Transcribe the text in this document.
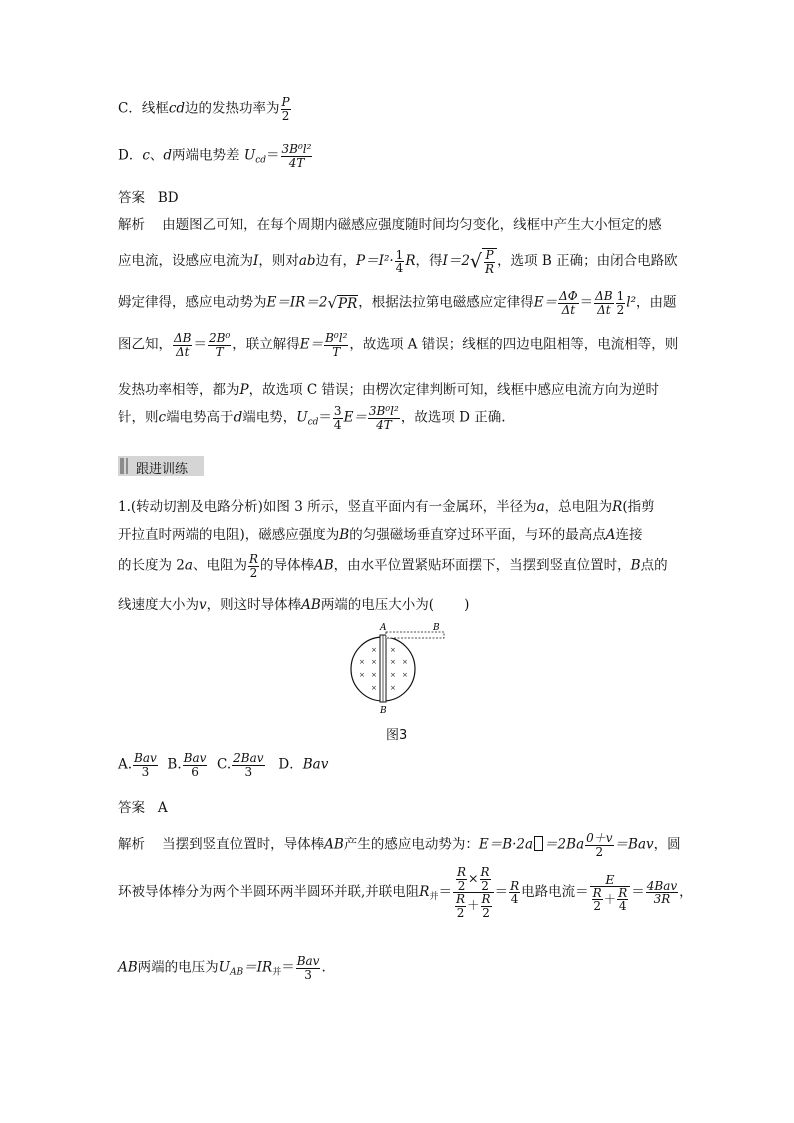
C．线框cd边的发热功率为 $\frac{P}{2}$
D．c、d两端电势差 $U_{cd}= \frac{\text{3B⁰l²}}{4T}$
答案 BD
解析 由题图乙可知，在每个周期内磁感应强度随时间均匀变化，线框中产生大小恒定的感
应电流，设感应电流为I，则对ab边有，$P=I^2\cdot \frac{1}{4}$ R，得$I=2√ \frac{P}{R}$ ，选项 B 正确；由闭合电路欧
姆定律得，感应电动势为E＝IR＝2√PR，根据法拉第电磁感应定律得$E= \frac{\Delta\Phi}{\Delta t} = \frac{\Delta B}{\Delta t} \frac{1}{2} l^2$，由题
图乙知， $\frac{\Delta B}{\Delta t} = \frac{\text{2B⁰}}{T}$ ，联立解得$E= \frac{\text{B⁰l²}}{T}$ ，故选项 A 错误；线框的四边电阻相等，电流相等，则
发热功率相等，都为P，故选项 C 错误；由楞次定律判断可知，线框中感应电流方向为逆时
针，则c端电势高于d端电势，$U_{cd}= \frac{3}{4} E= \frac{\text{3B⁰l²}}{4T}$ ，故选项 D 正确.
跟进训练
1.(转动切割及电路分析)如图 3 所示，竖直平面内有一金属环，半径为a，总电阻为R(指剪
开拉直时两端的电阻)，磁感应强度为B的匀强磁场垂直穿过环平面，与环的最高点A连接
的长度为 2a、电阻为 $\frac{R}{2}$ 的导体棒AB，由水平位置紧贴环面摆下，当摆到竖直位置时，B点的
线速度大小为v，则这时导体棒AB两端的电压大小为( )
A	B
B
× ×
× × × ×
× × × ×
× ×
图3
A. $\frac{\text{Bav}}{3} B$. $\frac{\text{Bav}}{6} C$. $\frac{\text{2Bav}}{3}$ D．Bav
答案 A
解析 当摆到竖直位置时，导体棒AB产生的感应电动势为：$E=B\cdot 2a =2Ba \frac{0+v}{2} =Bav$，圆
环被导体棒分为两个半圆环两半圆环并联,并联电阻$R_并= \frac{\frac{R}{2} \times \frac{R}{2}}{\frac{R}{2} + \frac{R}{2}} = \frac{R}{4}$ 电路电流＝ $\frac{E}{\frac{R}{2} + \frac{R}{4}} = \frac{\text{4Bav}}{3R}$ ，
AB两端的电压为$U_{AB}=IR_并= \frac{\text{Bav}}{3}$ .
